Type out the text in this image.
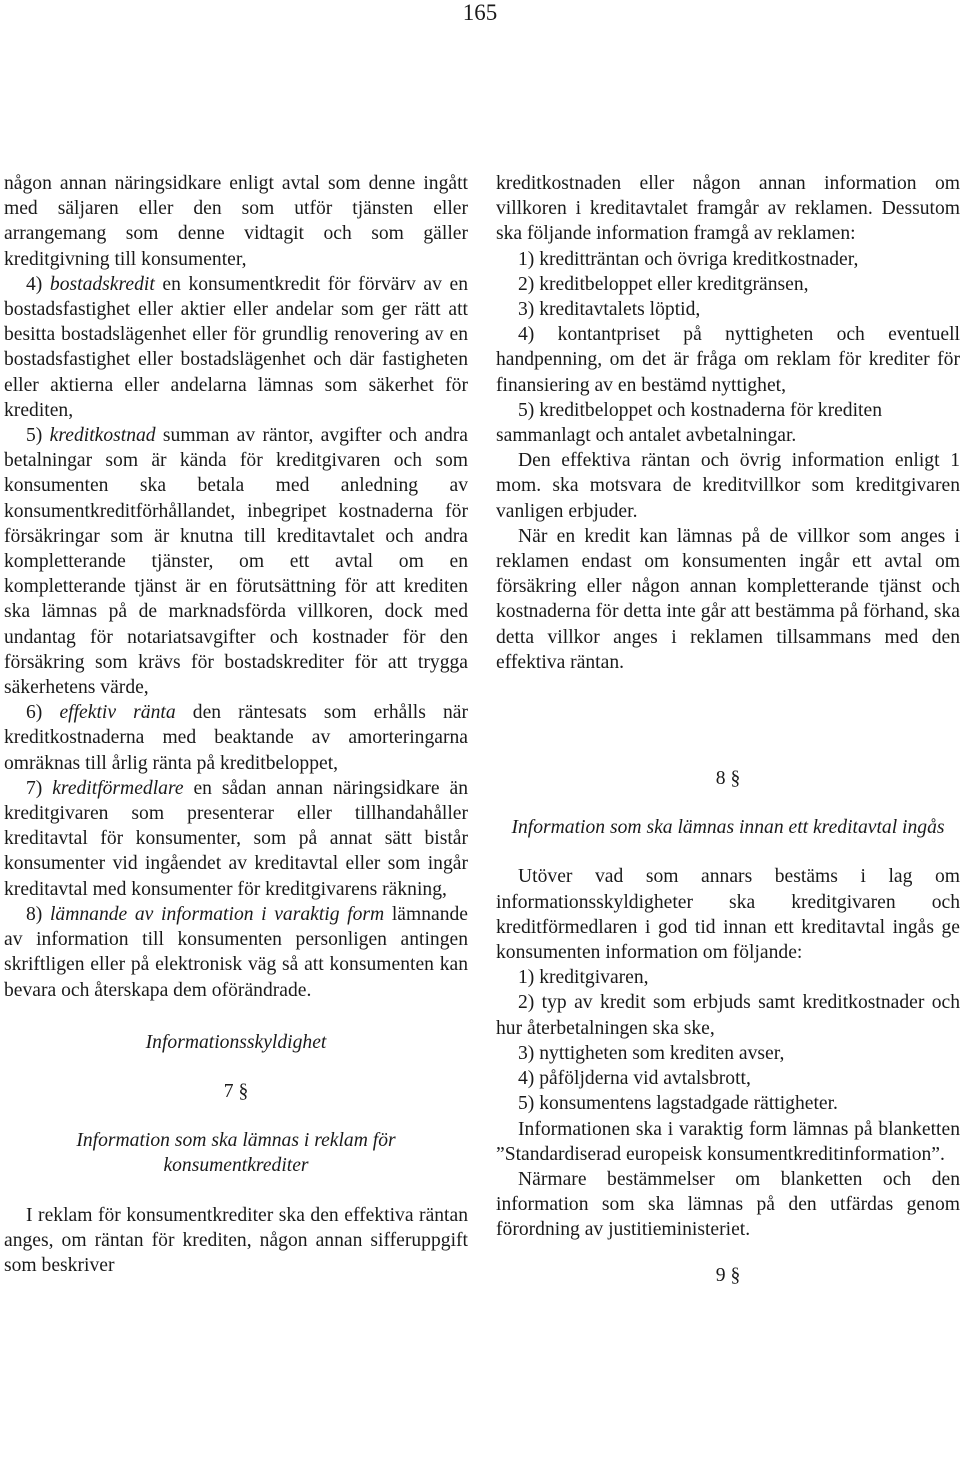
165

någon annan näringsidkare enligt avtal som denne ingått med säljaren eller den som utför tjänsten eller arrangemang som denne vidtagit och som gäller kreditgivning till konsumenter,

4) bostadskredit en konsumentkredit för förvärv av en bostadsfastighet eller aktier eller andelar som ger rätt att besitta bostadslägenhet eller för grundlig renovering av en bostadsfastighet eller bostadslägenhet och där fastigheten eller aktierna eller andelarna lämnas som säkerhet för krediten,

5) kreditkostnad summan av räntor, avgifter och andra betalningar som är kända för kreditgivaren och som konsumenten ska betala med anledning av konsumentkreditförhållandet, inbegripet kostnaderna för försäkringar som är knutna till kreditavtalet och andra kompletterande tjänster, om ett avtal om en kompletterande tjänst är en förutsättning för att krediten ska lämnas på de marknadsförda villkoren, dock med undantag för notariatsavgifter och kostnader för den försäkring som krävs för bostadskrediter för att trygga säkerhetens värde,

6) effektiv ränta den räntesats som erhålls när kreditkostnaderna med beaktande av amorteringarna omräknas till årlig ränta på kreditbeloppet,

7) kreditförmedlare en sådan annan näringsidkare än kreditgivaren som presenterar eller tillhandahåller kreditavtal för konsumenter, som på annat sätt bistår konsumenter vid ingåendet av kreditavtal eller som ingår kreditavtal med konsumenter för kreditgivarens räkning,

8) lämnande av information i varaktig form lämnande av information till konsumenten personligen antingen skriftligen eller på elektronisk väg så att konsumenten kan bevara och återskapa dem oförändrade.

Informationsskyldighet

7 §

Information som ska lämnas i reklam för konsumentkrediter

I reklam för konsumentkrediter ska den effektiva räntan anges, om räntan för krediten, någon annan sifferuppgift som beskriver

kreditkostnaden eller någon annan information om villkoren i kreditavtalet framgår av reklamen. Dessutom ska följande information framgå av reklamen:

1) kreditträntan och övriga kreditkostnader,

2) kreditbeloppet eller kreditgränsen,

3) kreditavtalets löptid,

4) kontantpriset på nyttigheten och eventuell handpenning, om det är fråga om reklam för krediter för finansiering av en bestämd nyttighet,

5) kreditbeloppet och kostnaderna för krediten sammanlagt och antalet avbetalningar.

Den effektiva räntan och övrig information enligt 1 mom. ska motsvara de kreditvillkor som kreditgivaren vanligen erbjuder.

När en kredit kan lämnas på de villkor som anges i reklamen endast om konsumenten ingår ett avtal om försäkring eller någon annan kompletterande tjänst och kostnaderna för detta inte går att bestämma på förhand, ska detta villkor anges i reklamen tillsammans med den effektiva räntan.

8 §

Information som ska lämnas innan ett kreditavtal ingås

Utöver vad som annars bestäms i lag om informationsskyldigheter ska kreditgivaren och kreditförmedlaren i god tid innan ett kreditavtal ingås ge konsumenten information om följande:

1) kreditgivaren,

2) typ av kredit som erbjuds samt kreditkostnader och hur återbetalningen ska ske,

3) nyttigheten som krediten avser,

4) påföljderna vid avtalsbrott,

5) konsumentens lagstadgade rättigheter.

Informationen ska i varaktig form lämnas på blanketten ”Standardiserad europeisk konsumentkreditinformation”.

Närmare bestämmelser om blanketten och den information som ska lämnas på den utfärdas genom förordning av justitieministeriet.

9 §
